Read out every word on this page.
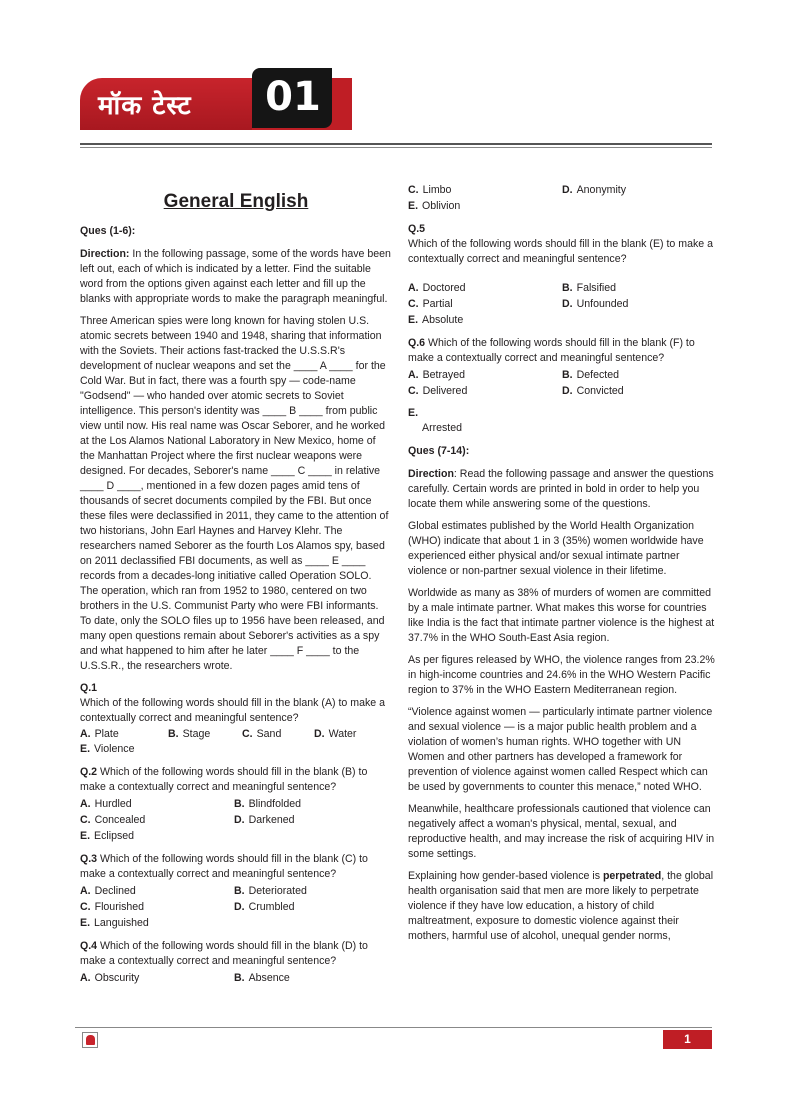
मॉक टेस्ट 01
General English
Ques (1-6):

Direction: In the following passage, some of the words have been left out, each of which is indicated by a letter. Find the suitable word from the options given against each letter and fill up the blanks with appropriate words to make the paragraph meaningful.

Three American spies were long known for having stolen U.S. atomic secrets between 1940 and 1948, sharing that information with the Soviets. Their actions fast-tracked the U.S.S.R's development of nuclear weapons and set the ____ A ____ for the Cold War. But in fact, there was a fourth spy — code-name "Godsend" — who handed over atomic secrets to Soviet intelligence. This person's identity was ____ B ____ from public view until now. His real name was Oscar Seborer, and he worked at the Los Alamos National Laboratory in New Mexico, home of the Manhattan Project where the first nuclear weapons were designed. For decades, Seborer's name ____ C ____ in relative ____ D ____, mentioned in a few dozen pages amid tens of thousands of secret documents compiled by the FBI. But once these files were declassified in 2011, they came to the attention of two historians, John Earl Haynes and Harvey Klehr. The researchers named Seborer as the fourth Los Alamos spy, based on 2011 declassified FBI documents, as well as ____ E ____ records from a decades-long initiative called Operation SOLO. The operation, which ran from 1952 to 1980, centered on two brothers in the U.S. Communist Party who were FBI informants. To date, only the SOLO files up to 1956 have been released, and many open questions remain about Seborer's activities as a spy and what happened to him after he later ____ F ____ to the U.S.S.R., the researchers wrote.

Q.1
Which of the following words should fill in the blank (A) to make a contextually correct and meaningful sentence?
A. Plate	B. Stage	C. Sand	D. Water
E. Violence
Q.2 Which of the following words should fill in the blank (B) to make a contextually correct and meaningful sentence?
A. Hurdled	B. Blindfolded
C. Concealed	D. Darkened
E. Eclipsed
Q.3 Which of the following words should fill in the blank (C) to make a contextually correct and meaningful sentence?
A. Declined	B. Deteriorated
C. Flourished	D. Crumbled
E. Languished
Q.4 Which of the following words should fill in the blank (D) to make a contextually correct and meaningful sentence?
A. Obscurity	B. Absence
C. Limbo	D. Anonymity
E. Oblivion
Q.5
Which of the following words should fill in the blank (E) to make a contextually correct and meaningful sentence?
A. Doctored	B. Falsified
C. Partial	D. Unfounded
E. Absolute
Q.6 Which of the following words should fill in the blank (F) to make a contextually correct and meaningful sentence?
A. Betrayed	B. Defected
C. Delivered	D. Convicted
E.
Arrested
Ques (7-14):

Direction: Read the following passage and answer the questions carefully. Certain words are printed in bold in order to help you locate them while answering some of the questions.

Global estimates published by the World Health Organization (WHO) indicate that about 1 in 3 (35%) women worldwide have experienced either physical and/or sexual intimate partner violence or non-partner sexual violence in their lifetime.

Worldwide as many as 38% of murders of women are committed by a male intimate partner. What makes this worse for countries like India is the fact that intimate partner violence is the highest at 37.7% in the WHO South-East Asia region.

As per figures released by WHO, the violence ranges from 23.2% in high-income countries and 24.6% in the WHO Western Pacific region to 37% in the WHO Eastern Mediterranean region.

“Violence against women — particularly intimate partner violence and sexual violence — is a major public health problem and a violation of women’s human rights. WHO together with UN Women and other partners has developed a framework for prevention of violence against women called Respect which can be used by governments to counter this menace,” noted WHO.

Meanwhile, healthcare professionals cautioned that violence can negatively affect a woman's physical, mental, sexual, and reproductive health, and may increase the risk of acquiring HIV in some settings.

Explaining how gender-based violence is perpetrated, the global health organisation said that men are more likely to perpetrate violence if they have low education, a history of child maltreatment, exposure to domestic violence against their mothers, harmful use of alcohol, unequal gender norms,

1
